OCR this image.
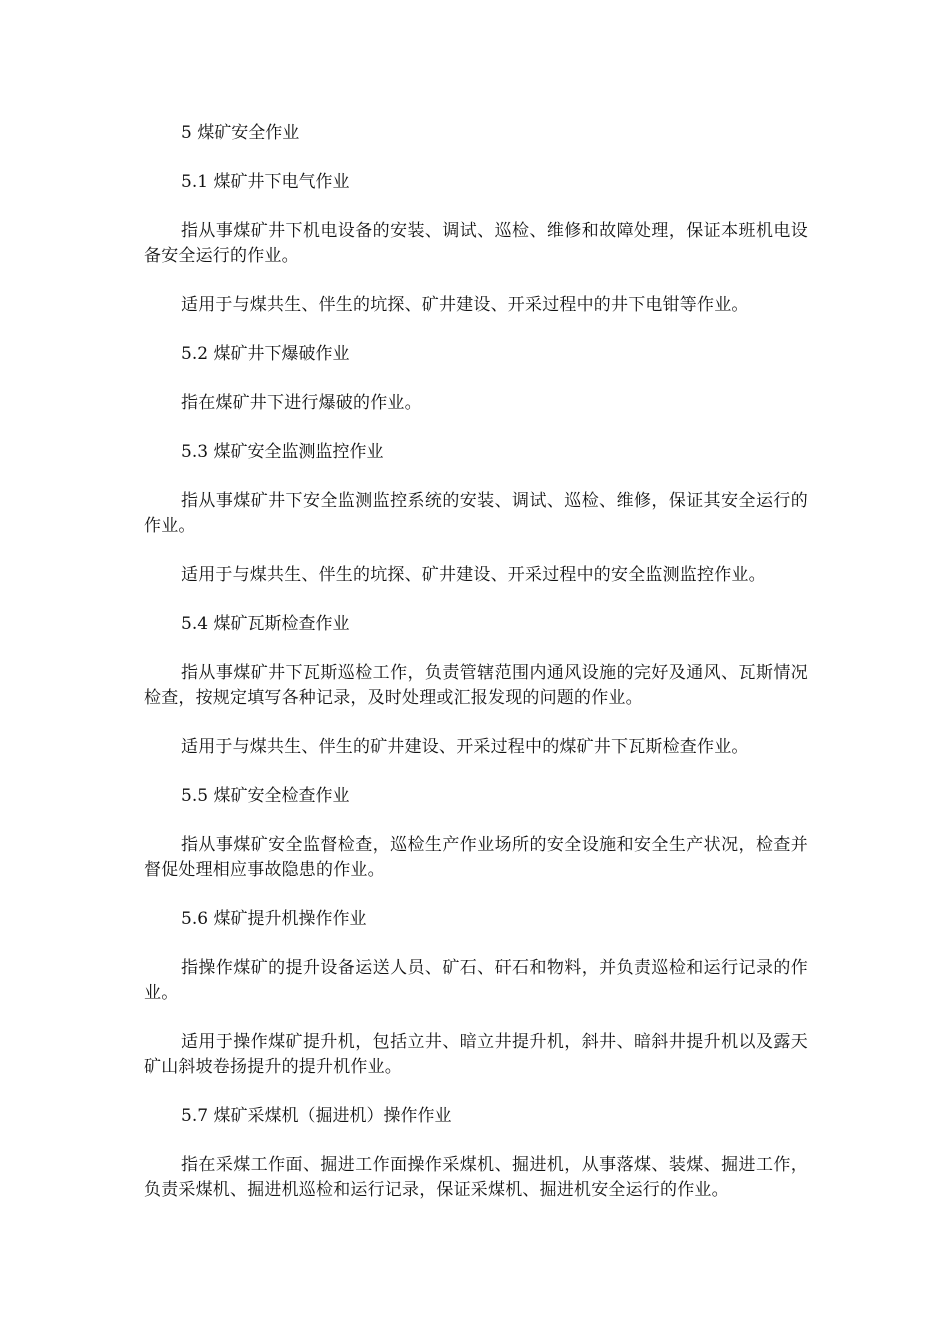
5 煤矿安全作业

5.1 煤矿井下电气作业

指从事煤矿井下机电设备的安装、调试、巡检、维修和故障处理，保证本班机电设备安全运行的作业。

适用于与煤共生、伴生的坑探、矿井建设、开采过程中的井下电钳等作业。

5.2 煤矿井下爆破作业

指在煤矿井下进行爆破的作业。

5.3 煤矿安全监测监控作业

指从事煤矿井下安全监测监控系统的安装、调试、巡检、维修，保证其安全运行的作业。

适用于与煤共生、伴生的坑探、矿井建设、开采过程中的安全监测监控作业。

5.4 煤矿瓦斯检查作业

指从事煤矿井下瓦斯巡检工作，负责管辖范围内通风设施的完好及通风、瓦斯情况检查，按规定填写各种记录，及时处理或汇报发现的问题的作业。

适用于与煤共生、伴生的矿井建设、开采过程中的煤矿井下瓦斯检查作业。

5.5 煤矿安全检查作业

指从事煤矿安全监督检查，巡检生产作业场所的安全设施和安全生产状况，检查并督促处理相应事故隐患的作业。

5.6 煤矿提升机操作作业

指操作煤矿的提升设备运送人员、矿石、矸石和物料，并负责巡检和运行记录的作业。

适用于操作煤矿提升机，包括立井、暗立井提升机，斜井、暗斜井提升机以及露天矿山斜坡卷扬提升的提升机作业。

5.7 煤矿采煤机（掘进机）操作作业

指在采煤工作面、掘进工作面操作采煤机、掘进机，从事落煤、装煤、掘进工作，负责采煤机、掘进机巡检和运行记录，保证采煤机、掘进机安全运行的作业。
